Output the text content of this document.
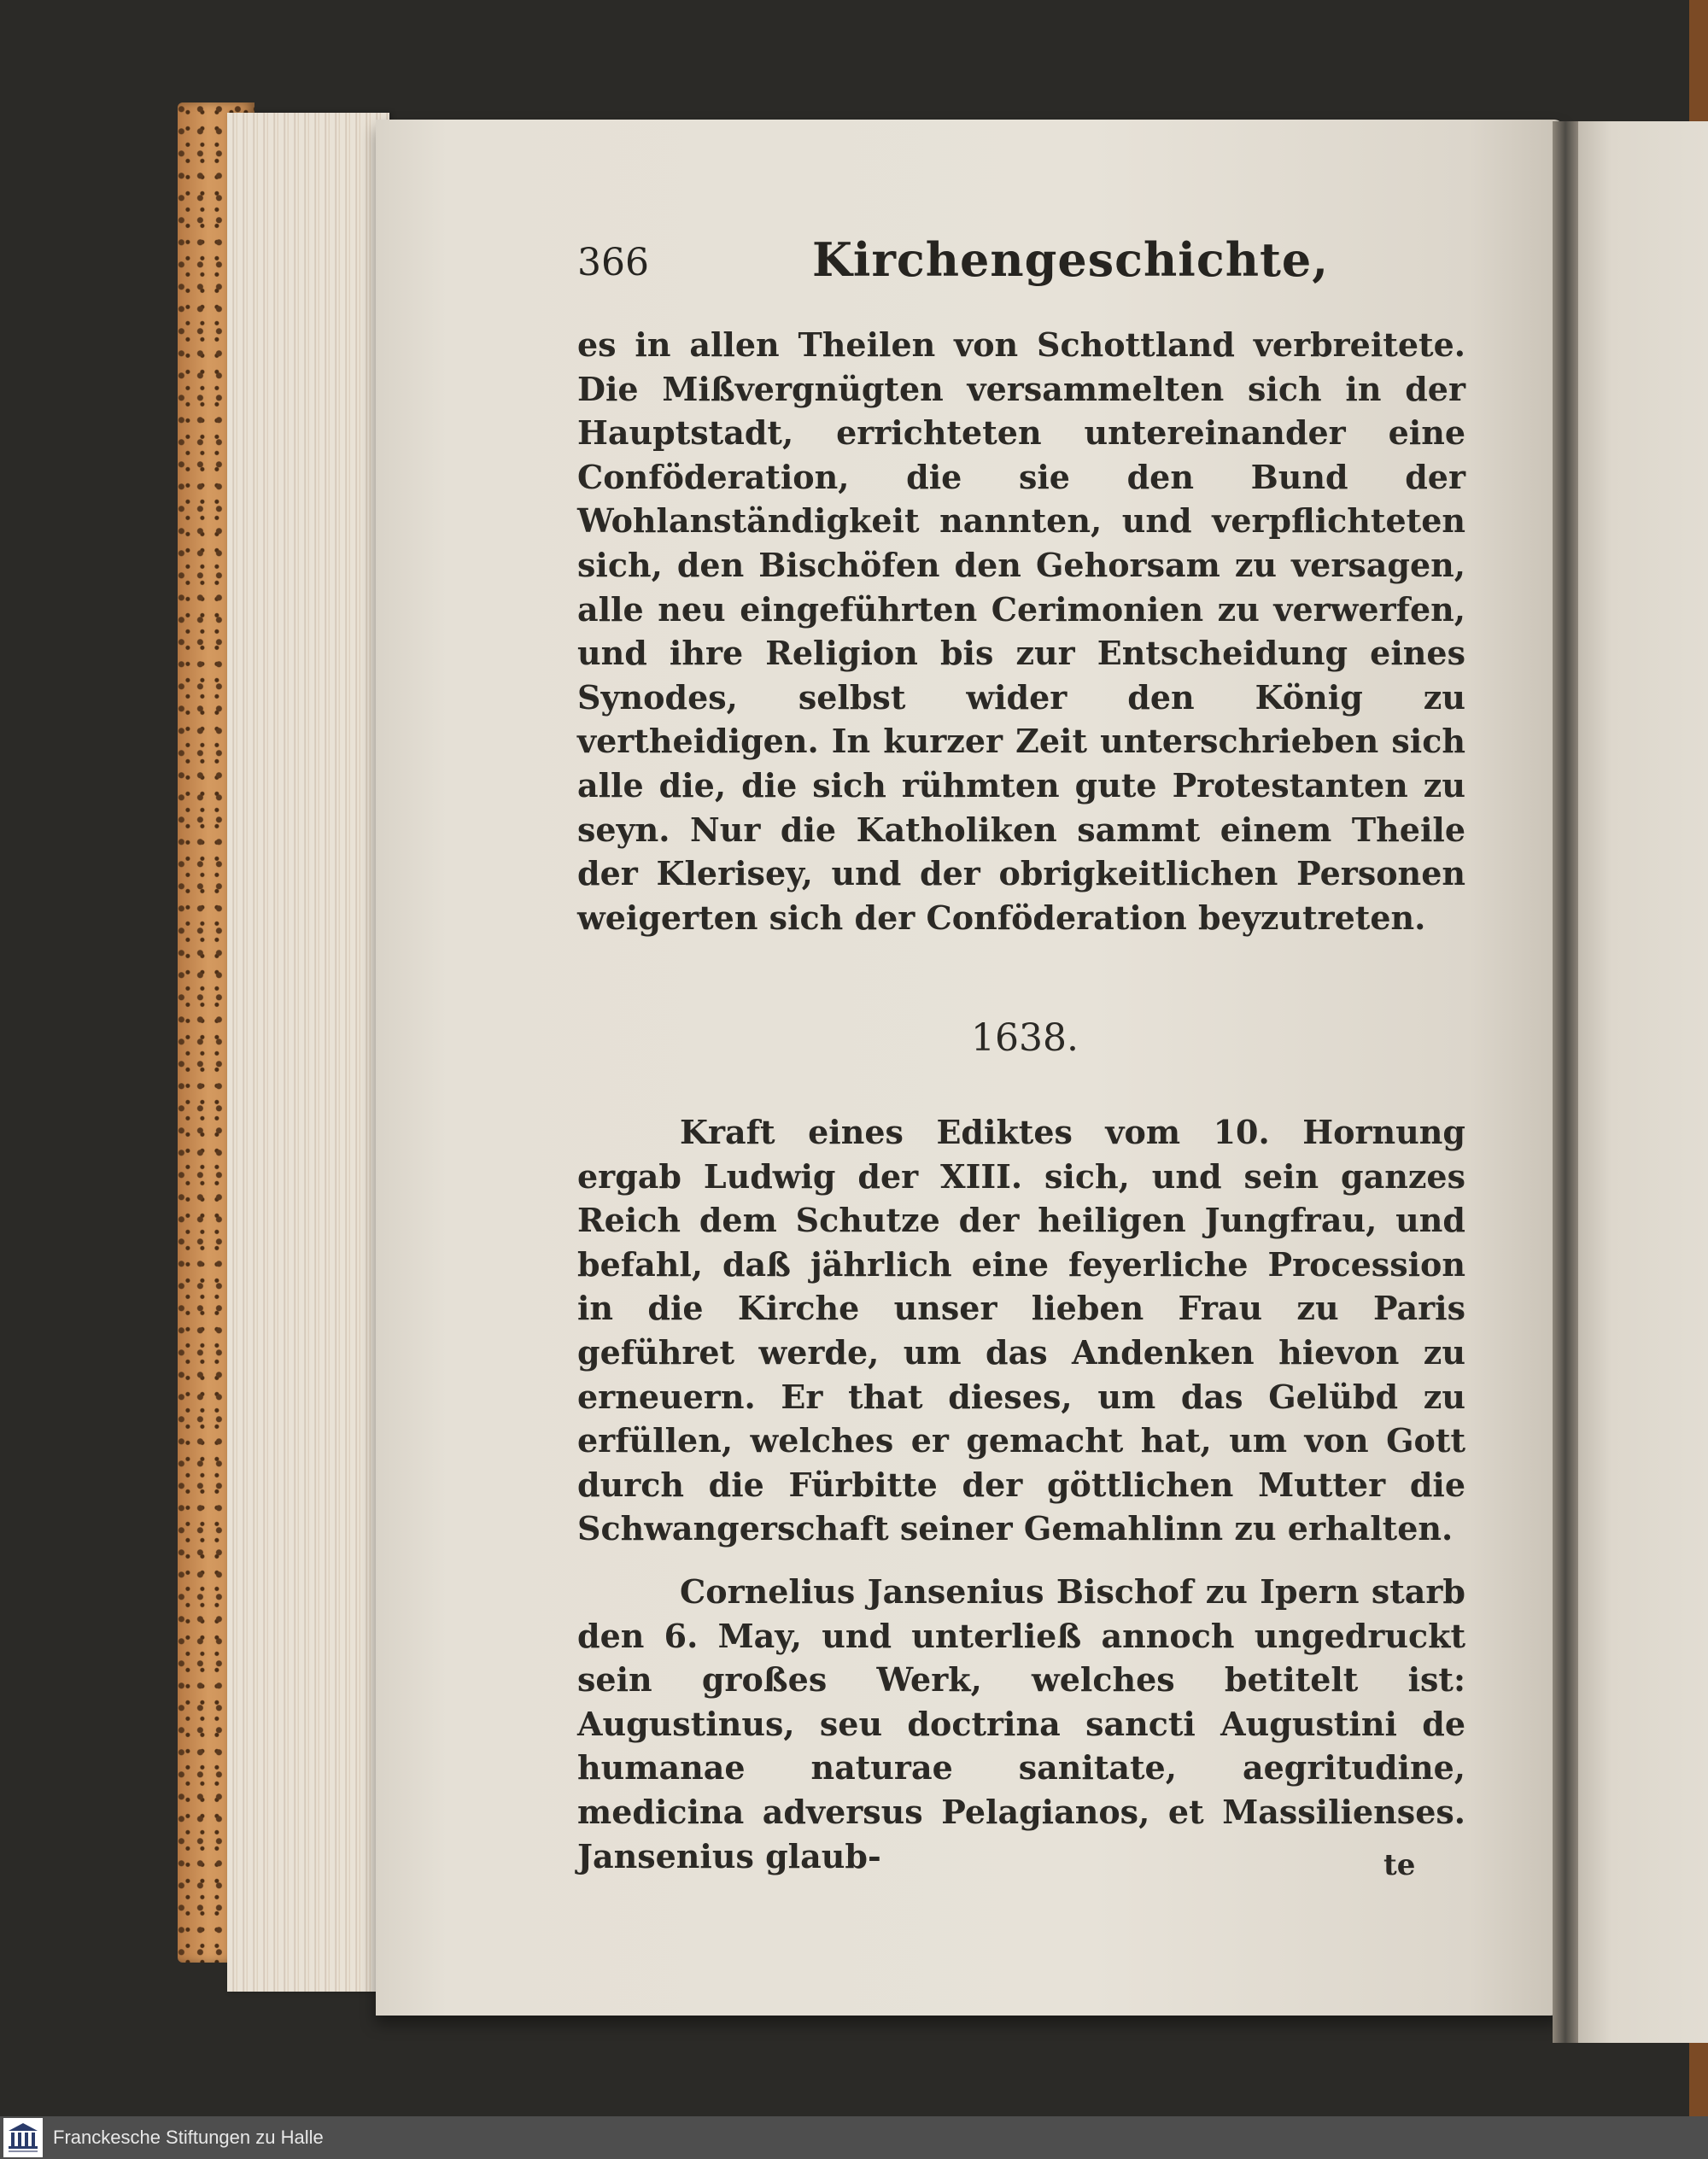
366	Kirchengeschichte,

es in allen Theilen von Schottland verbreitete. Die Mißvergnügten versammelten sich in der Hauptstadt, errichteten untereinander eine Conföderation, die sie den Bund der Wohlanständigkeit nannten, und verpflichteten sich, den Bischöfen den Gehorsam zu versagen, alle neu eingeführten Cerimonien zu verwerfen, und ihre Religion bis zur Entscheidung eines Synodes, selbst wider den König zu vertheidigen. In kurzer Zeit unterschrieben sich alle die, die sich rühmten gute Protestanten zu seyn. Nur die Katholiken sammt einem Theile der Klerisey, und der obrigkeitlichen Personen weigerten sich der Conföderation beyzutreten.

1638.

Kraft eines Ediktes vom 10. Hornung ergab Ludwig der XIII. sich, und sein ganzes Reich dem Schutze der heiligen Jungfrau, und befahl, daß jährlich eine feyerliche Procession in die Kirche unser lieben Frau zu Paris geführet werde, um das Andenken hievon zu erneuern. Er that dieses, um das Gelübd zu erfüllen, welches er gemacht hat, um von Gott durch die Fürbitte der göttlichen Mutter die Schwangerschaft seiner Gemahlinn zu erhalten.

Cornelius Jansenius Bischof zu Ipern starb den 6. May, und unterließ annoch ungedruckt sein großes Werk, welches betitelt ist: Augustinus, seu doctrina sancti Augustini de humanae naturae sanitate, aegritudine, medicina adversus Pelagianos, et Massilienses. Jansenius glaub-	te
Franckesche Stiftungen zu Halle
